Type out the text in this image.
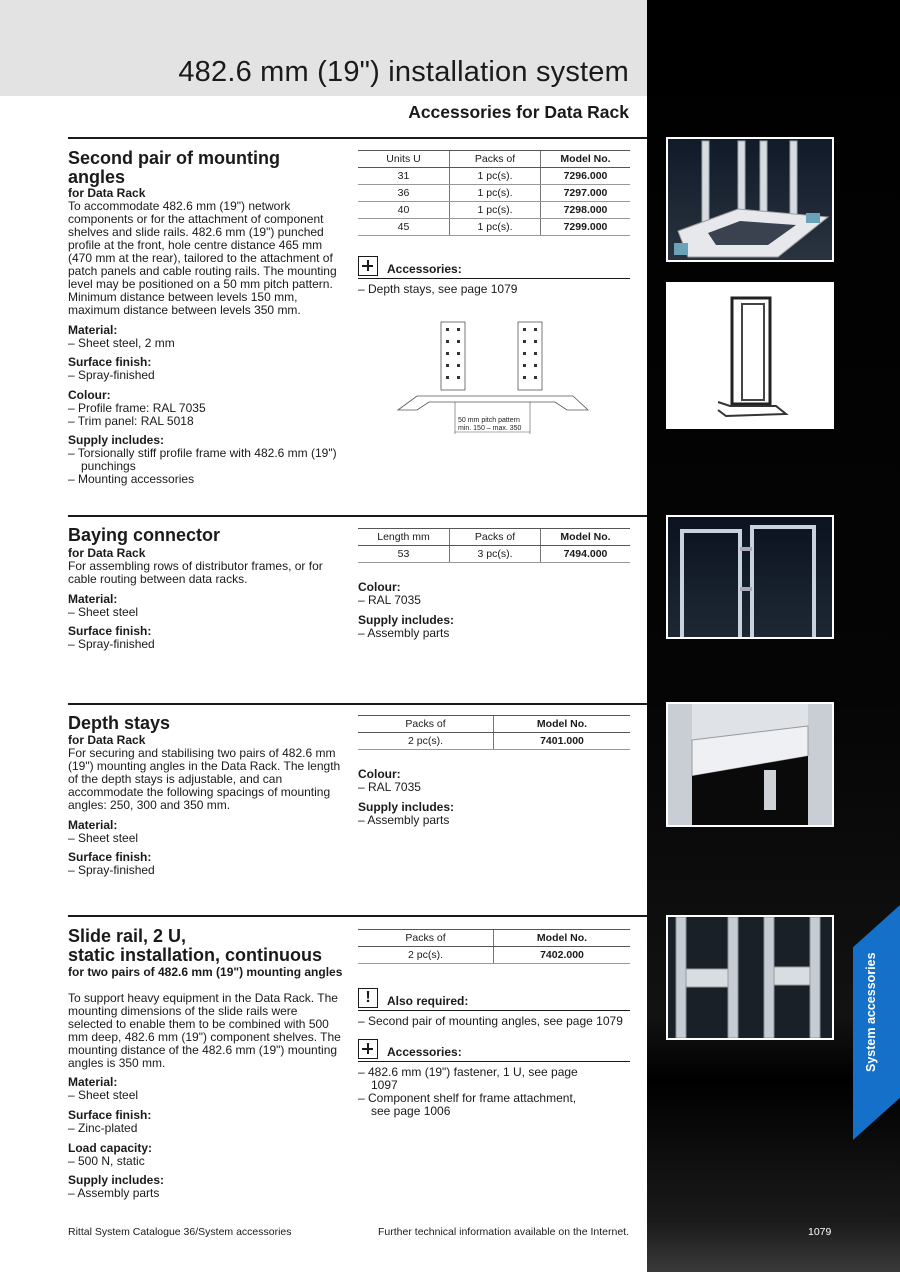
System accessories
482.6 mm (19") installation system
Accessories for Data Rack
Second pair of mounting
angles
for Data Rack
To accommodate 482.6 mm (19") network components or for the attachment of component shelves and slide rails. 482.6 mm (19") punched profile at the front, hole centre distance 465 mm (470 mm at the rear), tailored to the attachment of patch panels and cable routing rails. The mounting level may be positioned on a 50 mm pitch pattern. Minimum distance between levels 150 mm, maximum distance between levels 350 mm.
Material:
– Sheet steel, 2 mm
Surface finish:
– Spray-finished
Colour:
– Profile frame: RAL 7035
– Trim panel: RAL 5018
Supply includes:
– Torsionally stiff profile frame with 482.6 mm (19") punchings
– Mounting accessories
Units U	Packs of	Model No.
31	1 pc(s).	7296.000
36	1 pc(s).	7297.000
40	1 pc(s).	7298.000
45	1 pc(s).	7299.000
Accessories:
– Depth stays, see page 1079
50 mm pitch pattern
min. 150 – max. 350
Baying connector
for Data Rack
For assembling rows of distributor frames, or for cable routing between data racks.
Material:
– Sheet steel
Surface finish:
– Spray-finished
Length mm	Packs of	Model No.
53	3 pc(s).	7494.000
Colour:
– RAL 7035
Supply includes:
– Assembly parts
Depth stays
for Data Rack
For securing and stabilising two pairs of 482.6 mm (19") mounting angles in the Data Rack. The length of the depth stays is adjustable, and can accommodate the following spacings of mounting angles: 250, 300 and 350 mm.
Material:
– Sheet steel
Surface finish:
– Spray-finished
Packs of	Model No.
2 pc(s).	7401.000
Colour:
– RAL 7035
Supply includes:
– Assembly parts
Slide rail, 2 U,
static installation, continuous
for two pairs of 482.6 mm (19") mounting angles
To support heavy equipment in the Data Rack. The mounting dimensions of the slide rails were selected to enable them to be combined with 500 mm deep, 482.6 mm (19") component shelves. The mounting distance of the 482.6 mm (19") mounting angles is 350 mm.
Material:
– Sheet steel
Surface finish:
– Zinc-plated
Load capacity:
– 500 N, static
Supply includes:
– Assembly parts
Packs of	Model No.
2 pc(s).	7402.000
!	Also required:
– Second pair of mounting angles, see page 1079
Accessories:
– 482.6 mm (19") fastener, 1 U, see page 1097
– Component shelf for frame attachment, see page 1006
Rittal System Catalogue 36/System accessories	Further technical information available on the Internet.	1079
